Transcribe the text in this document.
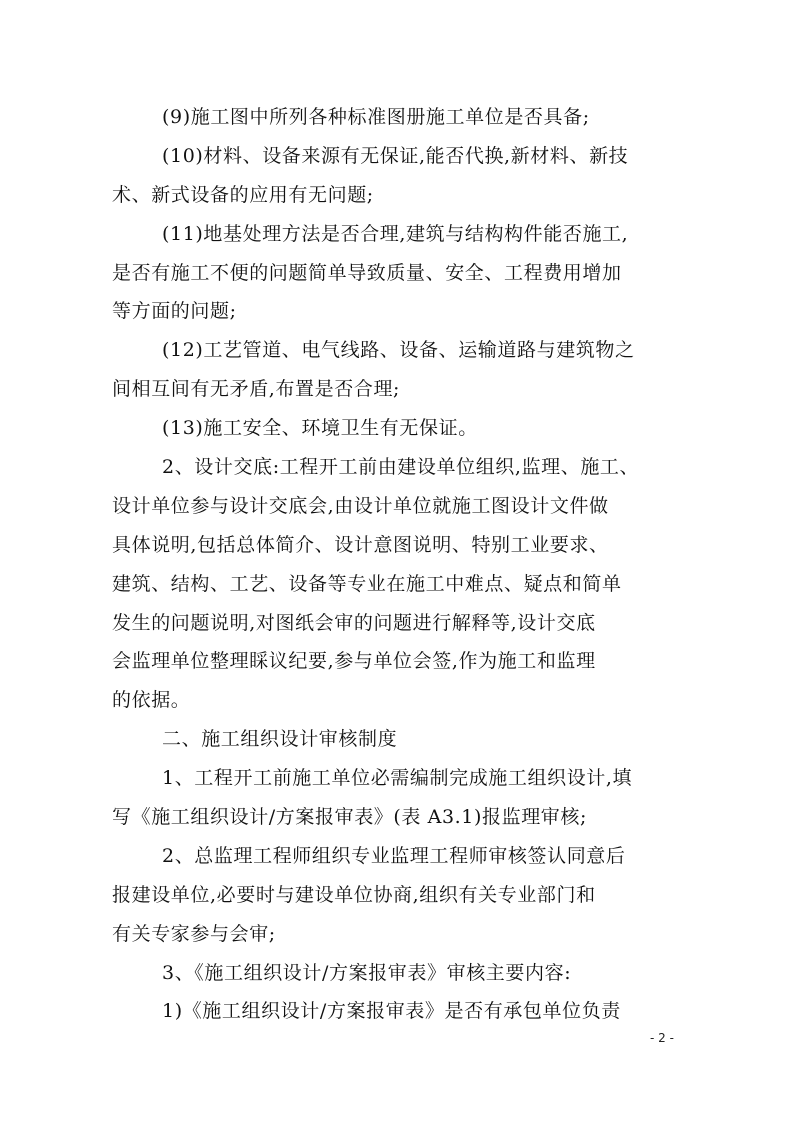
(9)施工图中所列各种标准图册施工单位是否具备;
(10)材料、设备来源有无保证,能否代换,新材料、新技
术、新式设备的应用有无问题;
(11)地基处理方法是否合理,建筑与结构构件能否施工,
是否有施工不便的问题简单导致质量、安全、工程费用增加
等方面的问题;
(12)工艺管道、电气线路、设备、运输道路与建筑物之
间相互间有无矛盾,布置是否合理;
(13)施工安全、环境卫生有无保证。
2、设计交底:工程开工前由建设单位组织,监理、施工、
设计单位参与设计交底会,由设计单位就施工图设计文件做
具体说明,包括总体简介、设计意图说明、特别工业要求、
建筑、结构、工艺、设备等专业在施工中难点、疑点和简单
发生的问题说明,对图纸会审的问题进行解释等,设计交底
会监理单位整理睬议纪要,参与单位会签,作为施工和监理
的依据。
二、施工组织设计审核制度
1、工程开工前施工单位必需编制完成施工组织设计,填
写《施工组织设计/方案报审表》(表 A3.1)报监理审核;
2、总监理工程师组织专业监理工程师审核签认同意后
报建设单位,必要时与建设单位协商,组织有关专业部门和
有关专家参与会审;
3、《施工组织设计/方案报审表》审核主要内容:
1)《施工组织设计/方案报审表》是否有承包单位负责
- 2 -
